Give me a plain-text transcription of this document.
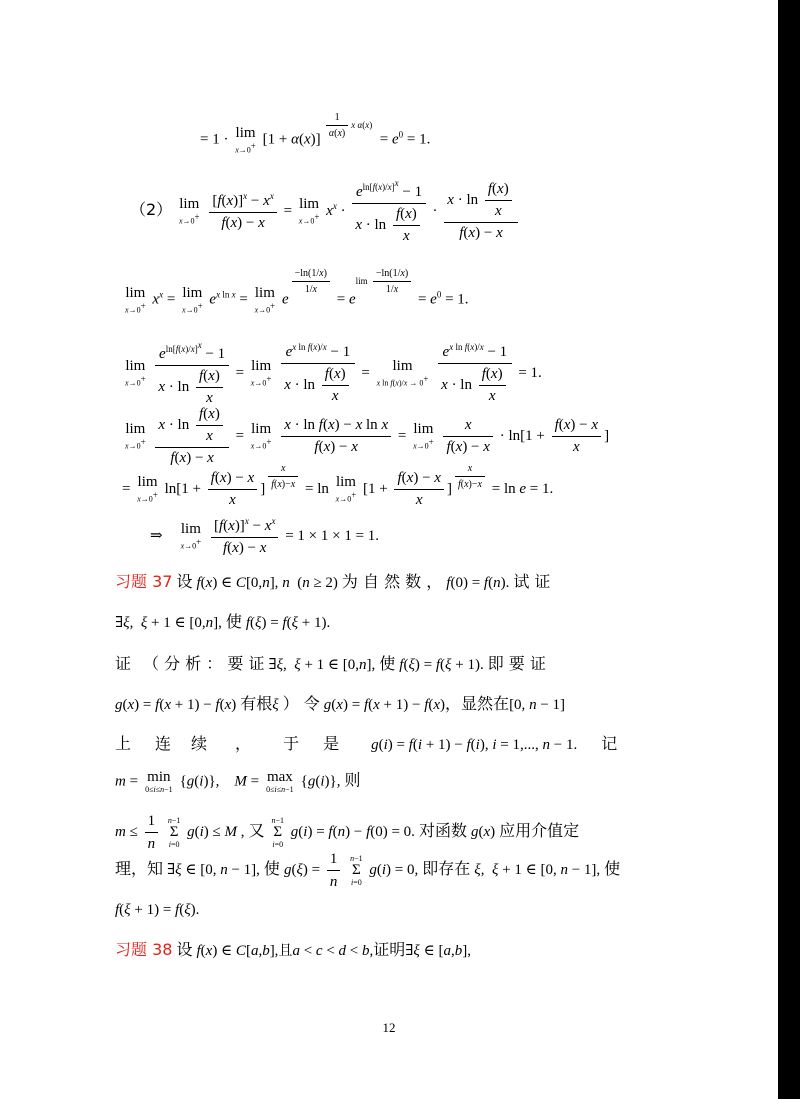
= 1 · lim
x→0+ [1 + α(x)]
$^{\frac{1}{\alpha(x)} x \alpha(x)} = e^0 = 1$.
（2） lim
x→0+
$\frac{[f(x)]^x - x^x}{f(x) - x} = \lim$
x→0+ $x^x \cdot \frac{e^{ln[f(x)/x]^x} - 1}{x \cdot \ln \frac{f(x)}{x}} \cdot \frac{x \cdot \ln \frac{f(x)}{x}}{f(x) - x}$
lim
x→0+ $x^x = \lim$
x→0+ $e^{x ln x} = \lim$
x→0+ e
$^{\frac{-\ln(1/x)}{1/x}}$
= $e^{lim \frac{-\ln(1/x)}{1/x}}$
= $e^0 = 1$.
lim
x→0+
$\frac{e^{ln[f(x)/x]^x} - 1}{x \cdot \ln \frac{f(x)}{x}} = \lim$
x→0+
$\frac{e^{x ln f(x)/x} - 1}{x \cdot \ln \frac{f(x)}{x}}$ =	lim
x ln f(x)/x → 0+
$\frac{e^{x ln f(x)/x} - 1}{x \cdot \ln \frac{f(x)}{x}} = 1$.
lim
x→0+
$\frac{x \cdot \ln \frac{f(x)}{x}}{f(x) - x} = \lim$
x→0+
$\frac{\text{x · ln f(x) − x ln x}}{f(x) - x} = \lim$
x→0+
$\frac{x}{f(x) - x} \cdot \ln[1 + \frac{f(x) - x}{x}$ ]
= lim
x→0+ $\ln[1 + \frac{f(x) - x}{x}$ ] $^{\frac{x}{f(x)-x}}$ = ln lim
x→0+ [$1 + \frac{f(x) - x}{x}$ ] $^{\frac{x}{f(x)-x}}$ = ln e = 1.
⇒ lim
x→0+
$\frac{[f(x)]^x - x^x}{f(x) - x} = 1 \times 1 \times 1 = 1$.
习题 37 设 f(x) ∈ C[0,n], n  (n ≥ 2) 为 自 然 数 ， f(0) = f(n). 试 证
∃ξ,  ξ + 1 ∈ [0,n], 使 f(ξ) = f(ξ + 1).
证 （ 分 析 ： 要 证 ∃ξ,  ξ + 1 ∈ [0,n], 使 f(ξ) = f(ξ + 1). 即 要 证
g(x) = f(x + 1) − f(x) 有根ξ ） 令 g(x) = f(x + 1) − f(x)，显然在[0, n − 1]
上 连 续 ， 于 是 g(i) = f(i + 1) − f(i), i = 1,..., n − 1. 记
m = min
0≤i≤n−1 {g(i)},    M = max
0≤i≤n−1 {g(i)}, 则
$m \le \frac{1}{n}$
n−1
Σ
i=0
g(i) ≤ M , 又
n−1
Σ
i=0
g(i) = f(n) − f(0) = 0. 对函数 g(x) 应用介值定
理，知 ∃ξ ∈ [0, n − 1], 使 $g(\xi) = \frac{1}{n}$
n−1
Σ
i=0
g(i) = 0, 即存在 ξ,  ξ + 1 ∈ [0, n − 1], 使
f(ξ + 1) = f(ξ).
习题 38 设 f(x) ∈ C[a,b],且a < c < d < b,证明∃ξ ∈ [a,b],
12
